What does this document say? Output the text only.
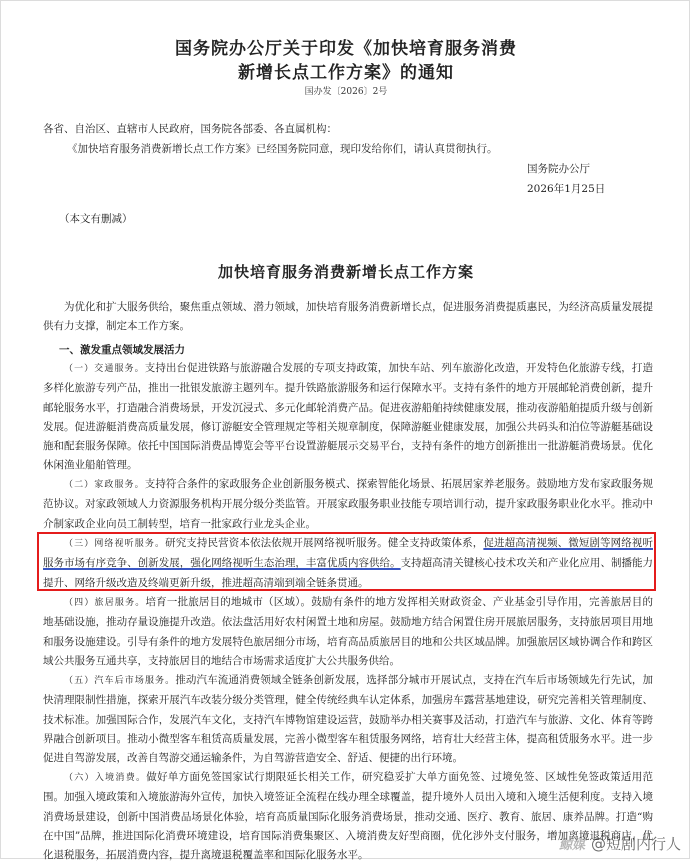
国务院办公厅关于印发《加快培育服务消费
新增长点工作方案》的通知
国办发〔2026〕2号
各省、自治区、直辖市人民政府，国务院各部委、各直属机构：
《加快培育服务消费新增长点工作方案》已经国务院同意，现印发给你们，请认真贯彻执行。
国务院办公厅
2026年1月25日
（本文有删减）
加快培育服务消费新增长点工作方案
为优化和扩大服务供给，聚焦重点领域、潜力领域，加快培育服务消费新增长点，促进服务消费提质惠民，为经济高质量发展提供有力支撑，制定本工作方案。
一、激发重点领域发展活力
（一）交通服务。支持出台促进铁路与旅游融合发展的专项支持政策，加快车站、列车旅游化改造，开发特色化旅游专线，打造多样化旅游专列产品，推出一批银发旅游主题列车。提升铁路旅游服务和运行保障水平。支持有条件的地方开展邮轮消费创新，提升邮轮服务水平，打造融合消费场景，开发沉浸式、多元化邮轮消费产品。促进夜游船舶持续健康发展，推动夜游船舶提质升级与创新发展。促进游艇消费高质量发展，修订游艇安全管理规定等相关规章制度，保障游艇业健康发展，加强公共码头和泊位等游艇基础设施和配套服务保障。依托中国国际消费品博览会等平台设置游艇展示交易平台，支持有条件的地方创新推出一批游艇消费场景。优化休闲渔业船舶管理。
（二）家政服务。支持符合条件的家政服务企业创新服务模式、探索智能化场景、拓展居家养老服务。鼓励地方发布家政服务规范协议。对家政领域人力资源服务机构开展分级分类监管。开展家政服务职业技能专项培训行动，提升家政服务职业化水平。推动中介制家政企业向员工制转型，培育一批家政行业龙头企业。
（三）网络视听服务。研究支持民营资本依法依规开展网络视听服务。健全支持政策体系，促进超高清视频、微短剧等网络视听服务市场有序竞争、创新发展，强化网络视听生态治理，丰富优质内容供给。支持超高清关键核心技术攻关和产业化应用、制播能力提升、网络升级改造及终端更新升级，推进超高清端到端全链条贯通。
（四）旅居服务。培育一批旅居目的地城市（区域）。鼓励有条件的地方发挥相关财政资金、产业基金引导作用，完善旅居目的地基础设施，推动存量设施提升改造。依法盘活用好农村闲置土地和房屋。鼓励地方结合闲置住房开展旅居服务，支持旅居项目用地和服务设施建设。引导有条件的地方发展特色旅居细分市场，培育高品质旅居目的地和公共区域品牌。加强旅居区域协调合作和跨区域公共服务互通共享，支持旅居目的地结合市场需求适度扩大公共服务供给。
（五）汽车后市场服务。推动汽车流通消费领域全链条创新发展，选择部分城市开展试点，支持在汽车后市场领域先行先试，加快清理限制性措施，探索开展汽车改装分级分类管理，健全传统经典车认定体系，加强房车露营基地建设，研究完善相关管理制度、技术标准。加强国际合作，发展汽车文化，支持汽车博物馆建设运营，鼓励举办相关赛事及活动，打造汽车与旅游、文化、体育等跨界融合创新项目。推动小微型客车租赁高质量发展，完善小微型客车租赁服务网络，培育壮大经营主体，提高租赁服务水平。进一步促进自驾游发展，改善自驾游交通运输条件，为自驾游营造安全、舒适、便捷的出行环境。
（六）入境消费。做好单方面免签国家试行期限延长相关工作，研究稳妥扩大单方面免签、过境免签、区域性免签政策适用范围。加强入境政策和入境旅游海外宣传，加快入境签证全流程在线办理全球覆盖，提升境外人员出入境和入境生活便利度。支持入境消费场景建设，创新中国消费品场景化体验，培育高质量国际化服务消费场景，推动交通、医疗、教育、旅居、康养品牌。打造“购在中国”品牌，推进国际化消费环境建设，培育国际消费集聚区、入境消费友好型商圈，优化涉外支付服务，增加离境退税商店，优化退税服务，拓展消费内容，提升离境退税覆盖率和国际化服务水平。
鲸媒 @短剧内行人
